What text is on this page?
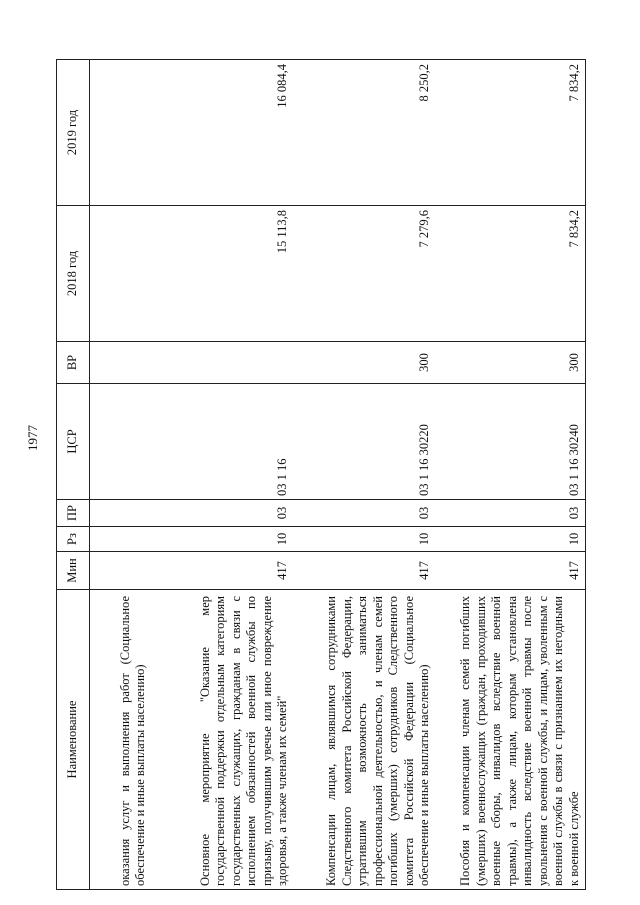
1977
Наименование	Мин	Рз	ПР	ЦСР	ВР	2018 год	2019 год
оказания услуг и выполнения работ (Социальное обеспечение и иные выплаты населению)							
Основное мероприятие "Оказание мер государственной поддержки отдельным категориям государственных служащих, гражданам в связи с исполнением обязанностей военной службы по призыву, получившим увечье или иное повреждение здоровья, а также членам их семей"	417	10	03	03 1 16		15 113,8	16 084,4
Компенсации лицам, являвшимся сотрудниками Следственного комитета Российской Федерации, утратившим возможность заниматься профессиональной деятельностью, и членам семей погибших (умерших) сотрудников Следственного комитета Российской Федерации (Социальное обеспечение и иные выплаты населению)	417	10	03	03 1 16 30220	300	7 279,6	8 250,2
Пособия и компенсации членам семей погибших (умерших) военнослужащих (граждан, проходивших военные сборы, инвалидов вследствие военной травмы), а также лицам, которым установлена инвалидность вследствие военной травмы после увольнения с военной службы, и лицам, уволенным с военной службы в связи с признанием их негодными к военной службе	417	10	03	03 1 16 30240	300	7 834,2	7 834,2
